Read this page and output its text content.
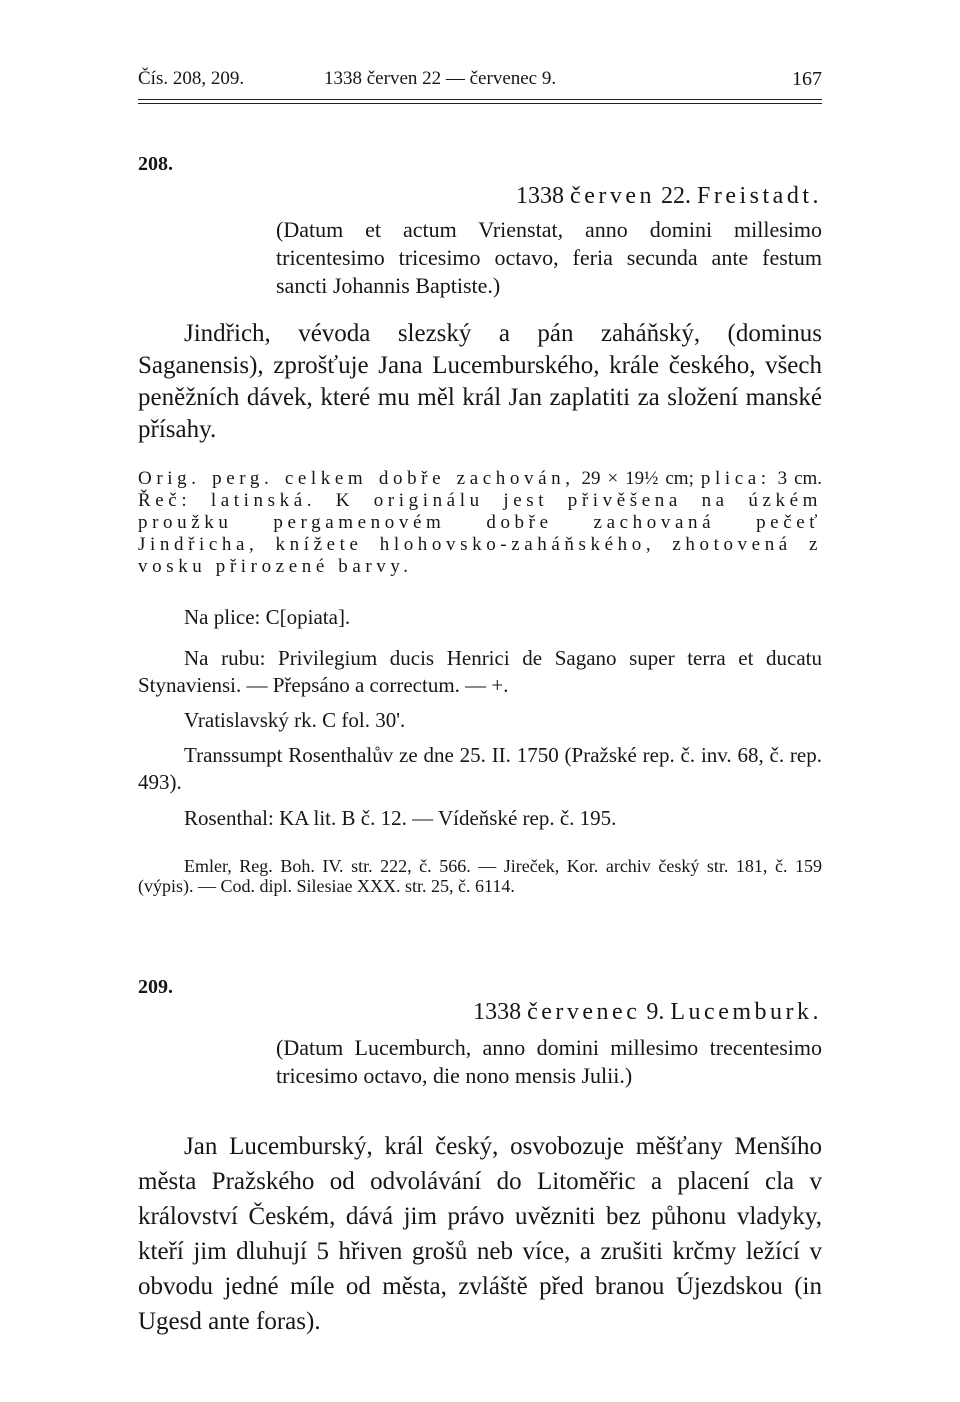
Čís. 208, 209.	1338 červen 22 — červenec 9.	167
208.
1338 červen 22. Freistadt.
(Datum et actum Vrienstat, anno domini millesimo tricentesimo tricesimo octavo, feria secunda ante festum sancti Johannis Baptiste.)
Jindřich, vévoda slezský a pán zaháňský, (dominus Saganensis), zprošťuje Jana Lucemburského, krále českého, všech peněžních dávek, které mu měl král Jan zaplatiti za složení manské přísahy.
Orig. perg. celkem dobře zachován, 29 × 19½ cm; plica: 3 cm. Řeč: latinská. K originálu jest přivěšena na úzkém proužku pergamenovém dobře zachovaná pečeť Jindřicha, knížete hlohovsko-zaháňského, zhotovená z vosku přirozené barvy.
Na plice: C[opiata].
Na rubu: Privilegium ducis Henrici de Sagano super terra et ducatu Stynaviensi. — Přepsáno a correctum. — +.
Vratislavský rk. C fol. 30'.
Transsumpt Rosenthalův ze dne 25. II. 1750 (Pražské rep. č. inv. 68, č. rep. 493).
Rosenthal: KA lit. B č. 12. — Vídeňské rep. č. 195.
Emler, Reg. Boh. IV. str. 222, č. 566. — Jireček, Kor. archiv český str. 181, č. 159 (výpis). — Cod. dipl. Silesiae XXX. str. 25, č. 6114.
209.
1338 červenec 9. Lucemburk.
(Datum Lucemburch, anno domini millesimo trecentesimo tricesimo octavo, die nono mensis Julii.)
Jan Lucemburský, král český, osvobozuje měšťany Menšího města Pražského od odvolávání do Litoměřic a placení cla v království Českém, dává jim právo uvězniti bez půhonu vladyky, kteří jim dluhují 5 hřiven grošů neb více, a zrušiti krčmy ležící v obvodu jedné míle od města, zvláště před branou Újezdskou (in Ugesd ante foras).
